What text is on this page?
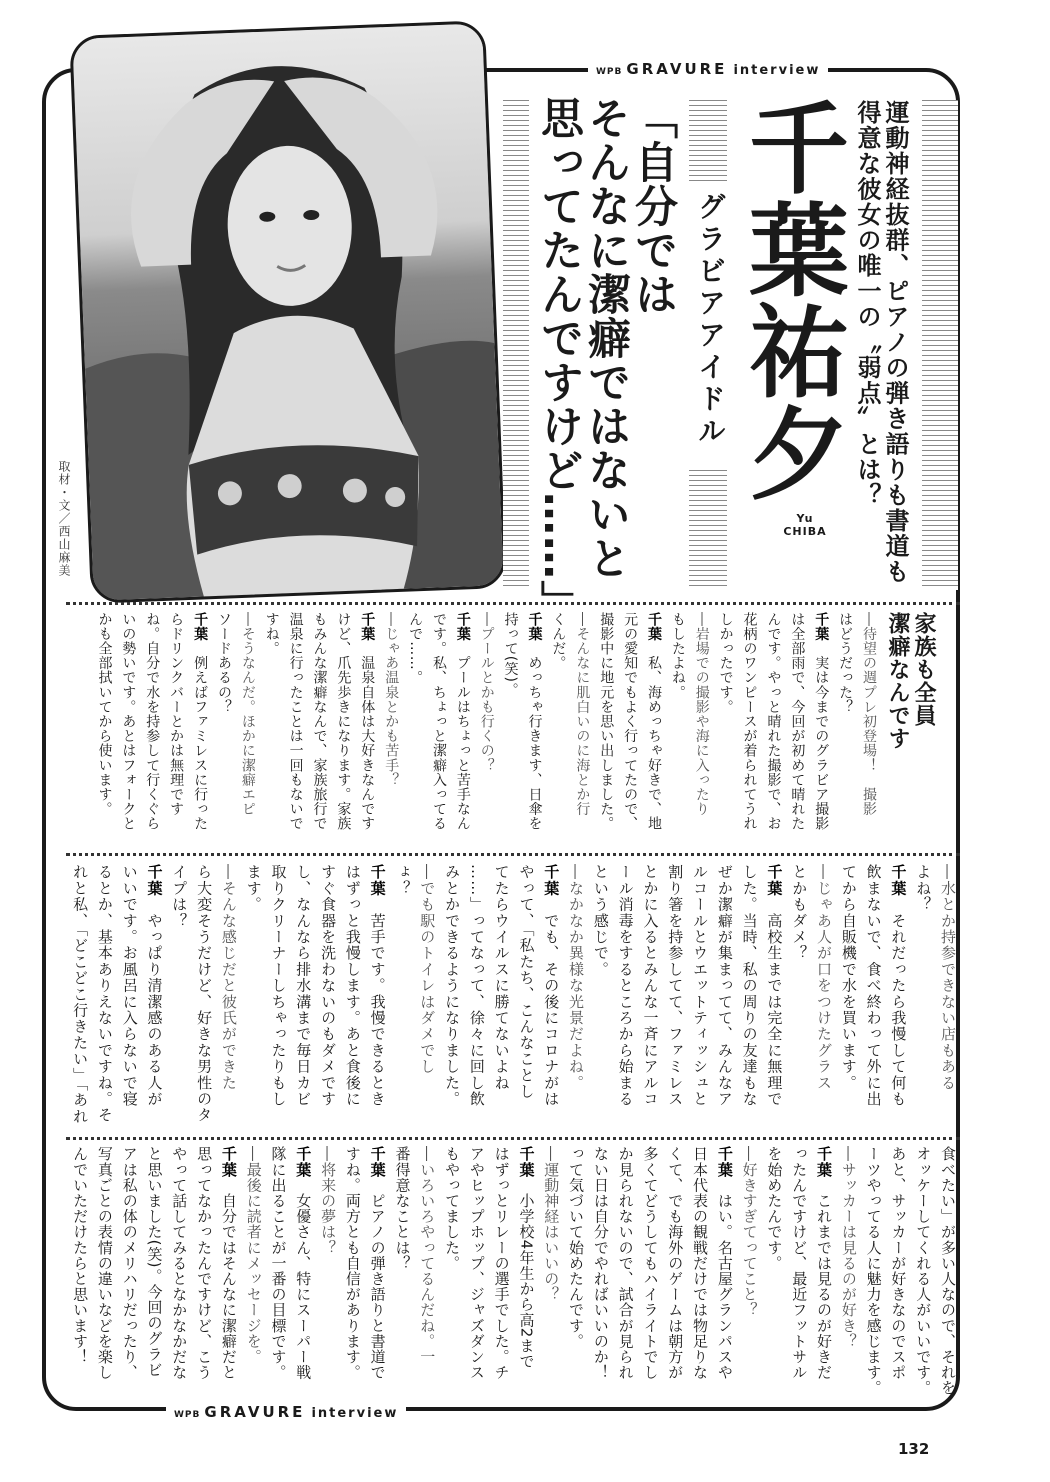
WPB GRAVURE interview
取材・文／西山麻美	運動神経抜群、ピアノの弾き語りも書道も
得意な彼女の唯一の〝弱点〟とは？
千葉祐夕
Yu
CHIBA
グラビアアイドル
「自分では
そんなに潔癖ではないと
思ってたんですけど……」
家族も全員
潔癖なんです
―待望の週プレ初登場！　撮影
はどうだった？
千葉　実は今までのグラビア撮影
は全部雨で、今回が初めて晴れた
んです。やっと晴れた撮影で、お
花柄のワンピースが着られてうれ
しかったです。
―岩場での撮影や海に入ったり
もしたよね。
千葉　私、海めっちゃ好きで、地
元の愛知でもよく行ってたので、
撮影中に地元を思い出しました。
―そんなに肌白いのに海とか行
くんだ。
千葉　めっちゃ行きます、日傘を
持って(笑)。
―プールとかも行くの？
千葉　プールはちょっと苦手なん
です。私、ちょっと潔癖入ってる
んで……。
―じゃあ温泉とかも苦手？
千葉　温泉自体は大好きなんです
けど、爪先歩きになります。家族
もみんな潔癖なんで、家族旅行で
温泉に行ったことは一回もないで
すね。
―そうなんだ。ほかに潔癖エピ
ソードあるの？
千葉　例えばファミレスに行った
らドリンクバーとかは無理です
ね。自分で水を持参して行くぐら
いの勢いです。あとはフォークと
かも全部拭いてから使います。
―水とか持参できない店もある
よね？
千葉　それだったら我慢して何も
飲まないで、食べ終わって外に出
てから自販機で水を買います。
―じゃあ人が口をつけたグラス
とかもダメ？
千葉　高校生までは完全に無理で
した。当時、私の周りの友達もな
ぜか潔癖が集まってて、みんなア
ルコールとウエットティッシュと
割り箸を持参してて、ファミレス
とかに入るとみんな一斉にアルコ
ール消毒をするところから始まる
という感じで。
―なかなか異様な光景だよね。
千葉　でも、その後にコロナがは
やって、「私たち、こんなことし
てたらウイルスに勝てないよね
……」ってなって、徐々に回し飲
みとかできるようになりました。
―でも駅のトイレはダメでし
ょ？
千葉　苦手です。我慢できるとき
はずっと我慢します。あと食後に
すぐ食器を洗わないのもダメです
し、なんなら排水溝まで毎日カビ
取りクリーナーしちゃったりもし
ます。
―そんな感じだと彼氏ができた
ら大変そうだけど、好きな男性のタ
イプは？
千葉　やっぱり清潔感のある人が
いいです。お風呂に入らないで寝
るとか、基本ありえないですね。そ
れと私、「どこどこ行きたい」「あれ
食べたい」が多い人なので、それを
オッケーしてくれる人がいいです。
あと、サッカーが好きなのでスポ
ーツやってる人に魅力を感じます。
―サッカーは見るのが好き？
千葉　これまでは見るのが好きだ
ったんですけど、最近フットサル
を始めたんです。
―好きすぎてってこと？
千葉　はい。名古屋グランパスや
日本代表の観戦だけでは物足りな
くて、でも海外のゲームは朝方が
多くてどうしてもハイライトでし
か見られないので、試合が見られ
ない日は自分でやればいいのか！
って気づいて始めたんです。
―運動神経はいいの？
千葉　小学校4年生から高2まで
はずっとリレーの選手でした。チ
アやヒップホップ、ジャズダンス
もやってました。
―いろいろやってるんだね。一
番得意なことは？
千葉　ピアノの弾き語りと書道で
すね。両方とも自信があります。
―将来の夢は？
千葉　女優さん、特にスーパー戦
隊に出ることが一番の目標です。
―最後に読者にメッセージを。
千葉　自分ではそんなに潔癖だと
思ってなかったんですけど、こう
やって話してみるとなかなかだな
と思いました(笑)。今回のグラビ
アは私の体のメリハリだったり、
写真ごとの表情の違いなどを楽し
んでいただけたらと思います！
WPB GRAVURE interview
132
